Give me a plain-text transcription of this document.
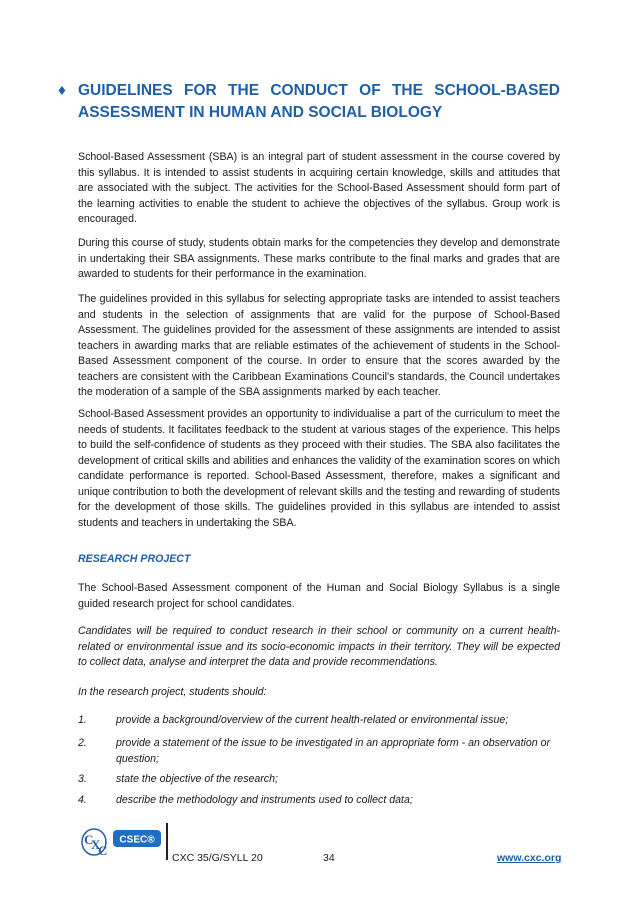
♦ GUIDELINES FOR THE CONDUCT OF THE SCHOOL-BASED
ASSESSMENT IN HUMAN AND SOCIAL BIOLOGY
School-Based Assessment (SBA) is an integral part of student assessment in the course covered by this syllabus. It is intended to assist students in acquiring certain knowledge, skills and attitudes that are associated with the subject. The activities for the School-Based Assessment should form part of the learning activities to enable the student to achieve the objectives of the syllabus. Group work is encouraged.
During this course of study, students obtain marks for the competencies they develop and demonstrate in undertaking their SBA assignments. These marks contribute to the final marks and grades that are awarded to students for their performance in the examination.
The guidelines provided in this syllabus for selecting appropriate tasks are intended to assist teachers and students in the selection of assignments that are valid for the purpose of School-Based Assessment. The guidelines provided for the assessment of these assignments are intended to assist teachers in awarding marks that are reliable estimates of the achievement of students in the School-Based Assessment component of the course. In order to ensure that the scores awarded by the teachers are consistent with the Caribbean Examinations Council’s standards, the Council undertakes the moderation of a sample of the SBA assignments marked by each teacher.
School-Based Assessment provides an opportunity to individualise a part of the curriculum to meet the needs of students. It facilitates feedback to the student at various stages of the experience. This helps to build the self-confidence of students as they proceed with their studies. The SBA also facilitates the development of critical skills and abilities and enhances the validity of the examination scores on which candidate performance is reported. School-Based Assessment, therefore, makes a significant and unique contribution to both the development of relevant skills and the testing and rewarding of students for the development of those skills. The guidelines provided in this syllabus are intended to assist students and teachers in undertaking the SBA.
RESEARCH PROJECT
The School-Based Assessment component of the Human and Social Biology Syllabus is a single guided research project for school candidates.
Candidates will be required to conduct research in their school or community on a current health-related or environmental issue and its socio-economic impacts in their territory. They will be expected to collect data, analyse and interpret the data and provide recommendations.
In the research project, students should:
1.	provide a background/overview of the current health-related or environmental issue;
2.	provide a statement of the issue to be investigated in an appropriate form - an observation or question;
3.	state the objective of the research;
4.	describe the methodology and instruments used to collect data;
C
X
C
CSEC®
CXC 35/G/SYLL 20	34	www.cxc.org
